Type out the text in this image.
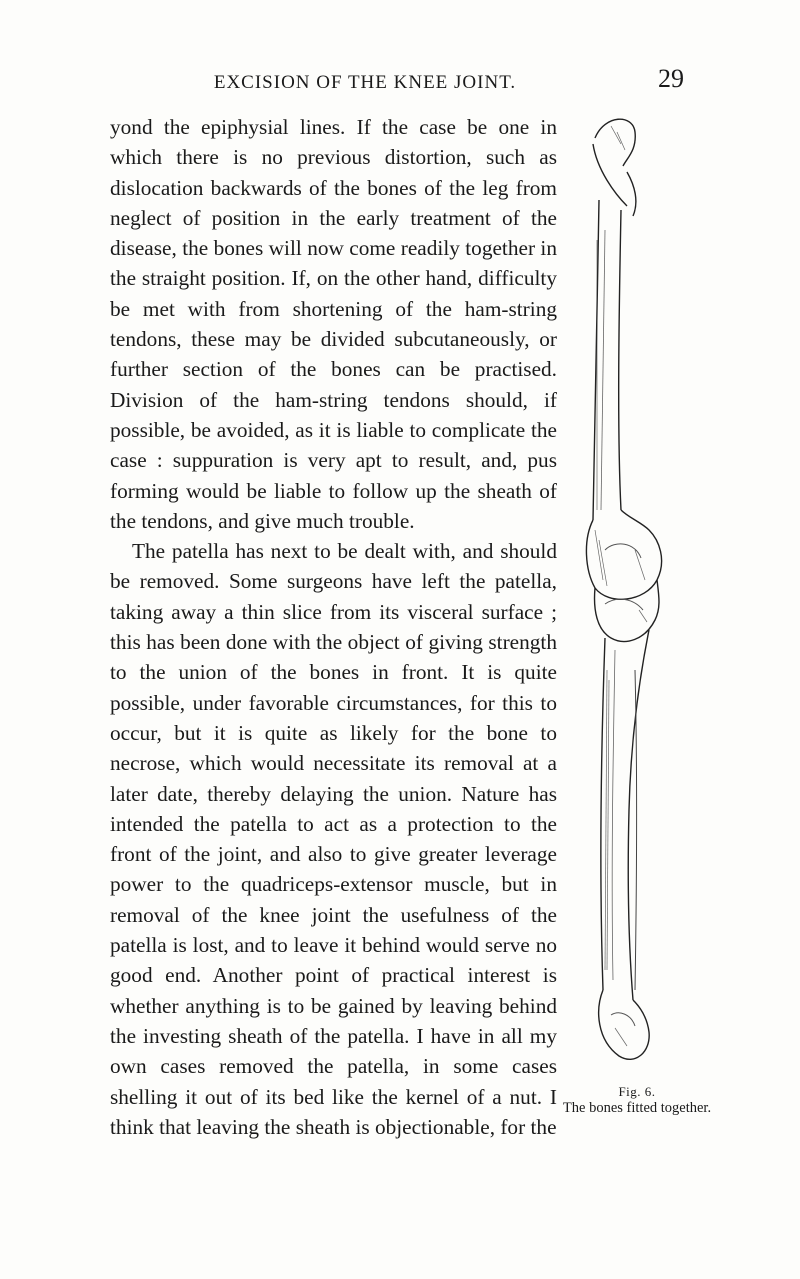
EXCISION OF THE KNEE JOINT.	29

yond the epiphysial lines. If the case be one in which there is no previous distortion, such as dislocation backwards of the bones of the leg from neglect of position in the early treatment of the disease, the bones will now come readily together in the straight position. If, on the other hand, difficulty be met with from shortening of the ham-string tendons, these may be divided subcutaneously, or further section of the bones can be practised. Division of the ham-string tendons should, if possible, be avoided, as it is liable to complicate the case : suppuration is very apt to result, and, pus forming would be liable to follow up the sheath of the tendons, and give much trouble.

The patella has next to be dealt with, and should be removed. Some surgeons have left the patella, taking away a thin slice from its visceral surface ; this has been done with the object of giving strength to the union of the bones in front. It is quite possible, under favorable circumstances, for this to occur, but it is quite as likely for the bone to necrose, which would necessitate its removal at a later date, thereby delaying the union. Nature has intended the patella to act as a protection to the front of the joint, and also to give greater leverage power to the quadriceps-extensor muscle, but in removal of the knee joint the usefulness of the patella is lost, and to leave it behind would serve no good end. Another point of practical interest is whether anything is to be gained by leaving behind the investing sheath of the patella. I have in all my own cases removed the patella, in some cases shelling it out of its bed like the kernel of a nut. I think that leaving the sheath is objectionable, for the

Fig. 6.
The bones fitted together.
